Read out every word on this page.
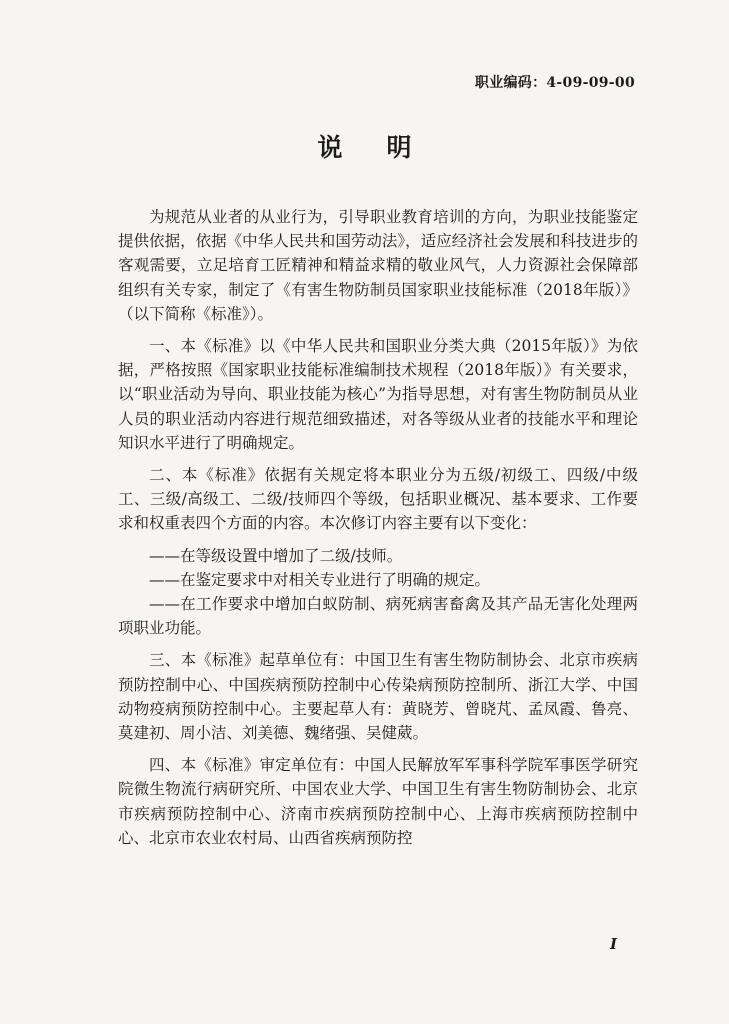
职业编码：4-09-09-00
说明

为规范从业者的从业行为，引导职业教育培训的方向，为职业技能鉴定提供依据，依据《中华人民共和国劳动法》，适应经济社会发展和科技进步的客观需要，立足培育工匠精神和精益求精的敬业风气，人力资源社会保障部组织有关专家，制定了《有害生物防制员国家职业技能标准（2018年版）》（以下简称《标准》）。

一、本《标准》以《中华人民共和国职业分类大典（2015年版）》为依据，严格按照《国家职业技能标准编制技术规程（2018年版）》有关要求，以“职业活动为导向、职业技能为核心”为指导思想，对有害生物防制员从业人员的职业活动内容进行规范细致描述，对各等级从业者的技能水平和理论知识水平进行了明确规定。

二、本《标准》依据有关规定将本职业分为五级/初级工、四级/中级工、三级/高级工、二级/技师四个等级，包括职业概况、基本要求、工作要求和权重表四个方面的内容。本次修订内容主要有以下变化：

——在等级设置中增加了二级/技师。
——在鉴定要求中对相关专业进行了明确的规定。
——在工作要求中增加白蚁防制、病死病害畜禽及其产品无害化处理两项职业功能。

三、本《标准》起草单位有：中国卫生有害生物防制协会、北京市疾病预防控制中心、中国疾病预防控制中心传染病预防控制所、浙江大学、中国动物疫病预防控制中心。主要起草人有：黄晓芳、曾晓芃、孟凤霞、鲁亮、莫建初、周小洁、刘美德、魏绪强、吴健葳。

四、本《标准》审定单位有：中国人民解放军军事科学院军事医学研究院微生物流行病研究所、中国农业大学、中国卫生有害生物防制协会、北京市疾病预防控制中心、济南市疾病预防控制中心、上海市疾病预防控制中心、北京市农业农村局、山西省疾病预防控

I
